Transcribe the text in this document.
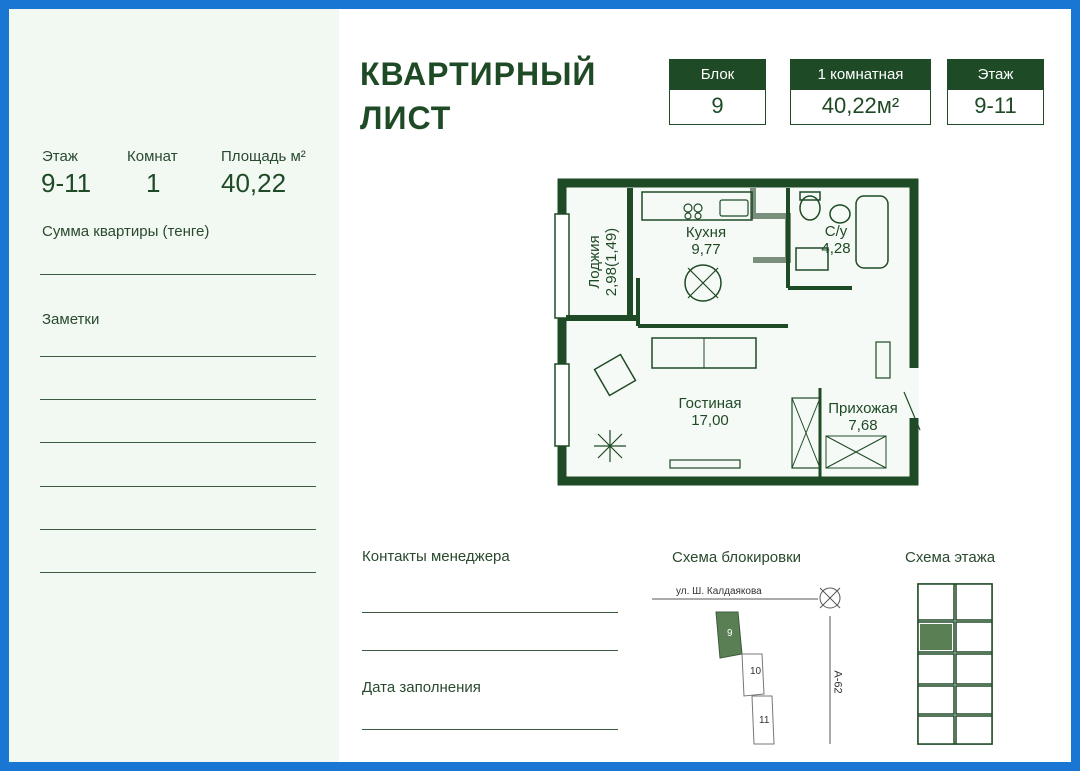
Этаж	Комнат	Площадь м²
9-11 1 40,22
Сумма квартиры (тенге)
Заметки
КВАРТИРНЫЙ
ЛИСТ
Блок
9
1 комнатная
40,22м²
Этаж
9-11
Лоджия
2,98(1,49)	Кухня
9,77
С/у
4,28
Гостиная
17,00
Прихожая
7,68
Контакты менеджера
Дата заполнения
Схема блокировки
ул. Ш. Калдаякова
А-62
9
10
11
Схема этажа
